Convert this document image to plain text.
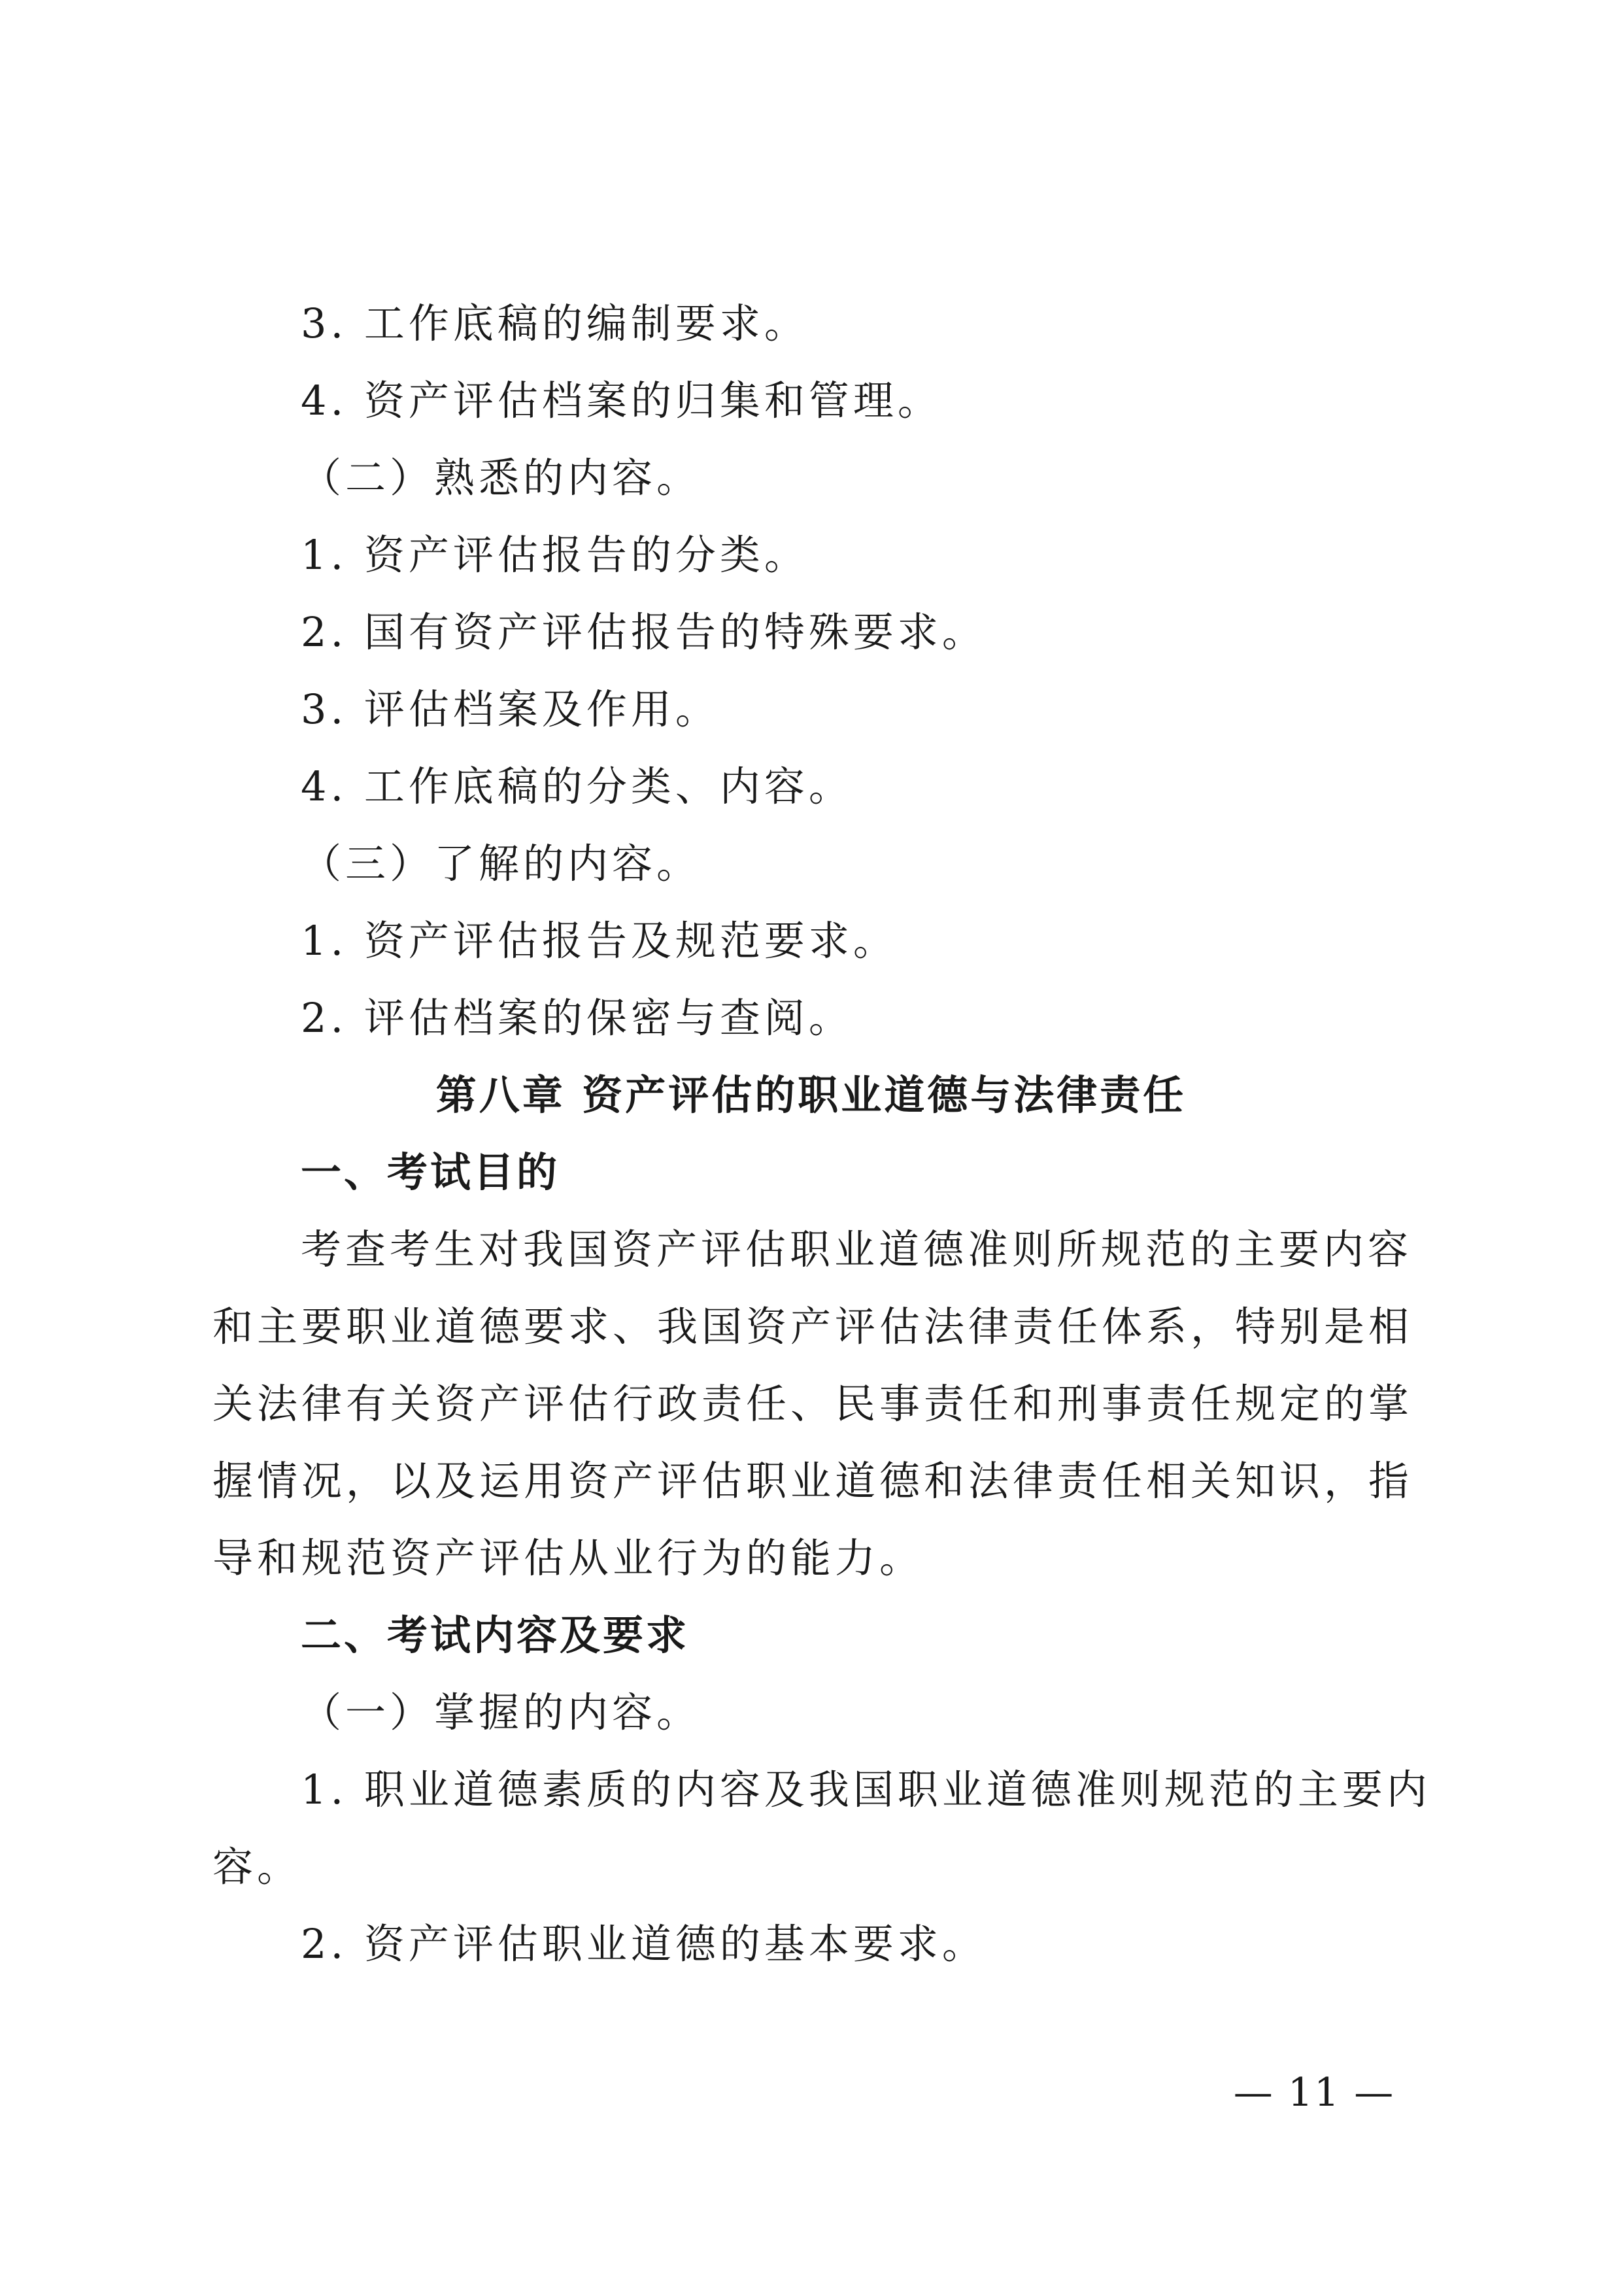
3. 工作底稿的编制要求。
4. 资产评估档案的归集和管理。
（二）熟悉的内容。
1. 资产评估报告的分类。
2. 国有资产评估报告的特殊要求。
3. 评估档案及作用。
4. 工作底稿的分类、内容。
（三）了解的内容。
1. 资产评估报告及规范要求。
2. 评估档案的保密与查阅。
第八章 资产评估的职业道德与法律责任
一、考试目的
考查考生对我国资产评估职业道德准则所规范的主要内容
和主要职业道德要求、我国资产评估法律责任体系，特别是相
关法律有关资产评估行政责任、民事责任和刑事责任规定的掌
握情况，以及运用资产评估职业道德和法律责任相关知识，指
导和规范资产评估从业行为的能力。
二、考试内容及要求
（一）掌握的内容。
1. 职业道德素质的内容及我国职业道德准则规范的主要内
容。
2. 资产评估职业道德的基本要求。
— 11 —
